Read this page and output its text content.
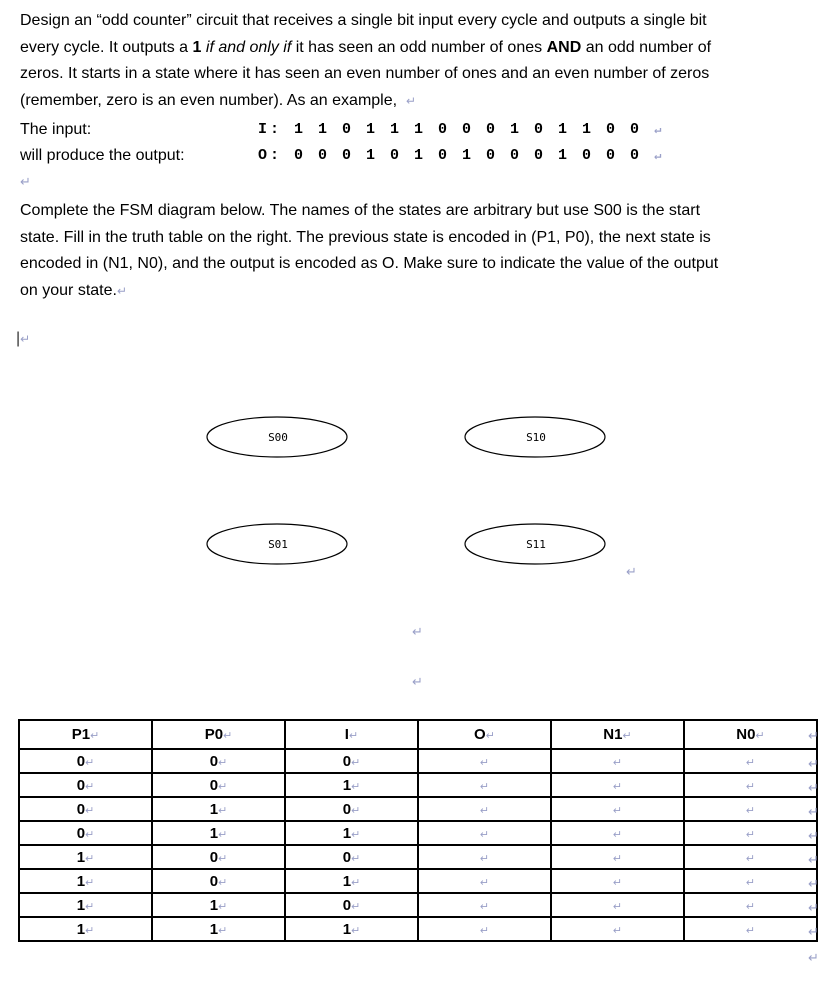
Design an “odd counter” circuit that receives a single bit input every cycle and outputs a single bit
every cycle. It outputs a 1 if and only if it has seen an odd number of ones AND an odd number of
zeros. It starts in a state where it has seen an even number of ones and an even number of zeros
(remember, zero is an even number). As an example, ↵
The input:	I: 1 1 0 1 1 1 0 0 0 1 0 1 1 0 0 ↵
will produce the output:	O: 0 0 0 1 0 1 0 1 0 0 0 1 0 0 0 ↵
↵
Complete the FSM diagram below. The names of the states are arbitrary but use S00 is the start
state. Fill in the truth table on the right. The previous state is encoded in (P1, P0), the next state is
encoded in (N1, N0), and the output is encoded as O. Make sure to indicate the value of the output
on your state.↵
|↵
S00	S10
S01	S11
↵
↵
↵
P1↵	P0↵	I↵	O↵	N1↵	N0↵
0↵	0↵	0↵	↵	↵	↵
0↵	0↵	1↵	↵	↵	↵
0↵	1↵	0↵	↵	↵	↵
0↵	1↵	1↵	↵	↵	↵
1↵	0↵	0↵	↵	↵	↵
1↵	0↵	1↵	↵	↵	↵
1↵	1↵	0↵	↵	↵	↵
1↵	1↵	1↵	↵	↵	↵
↵
↵
↵
↵
↵
↵
↵
↵
↵
↵
